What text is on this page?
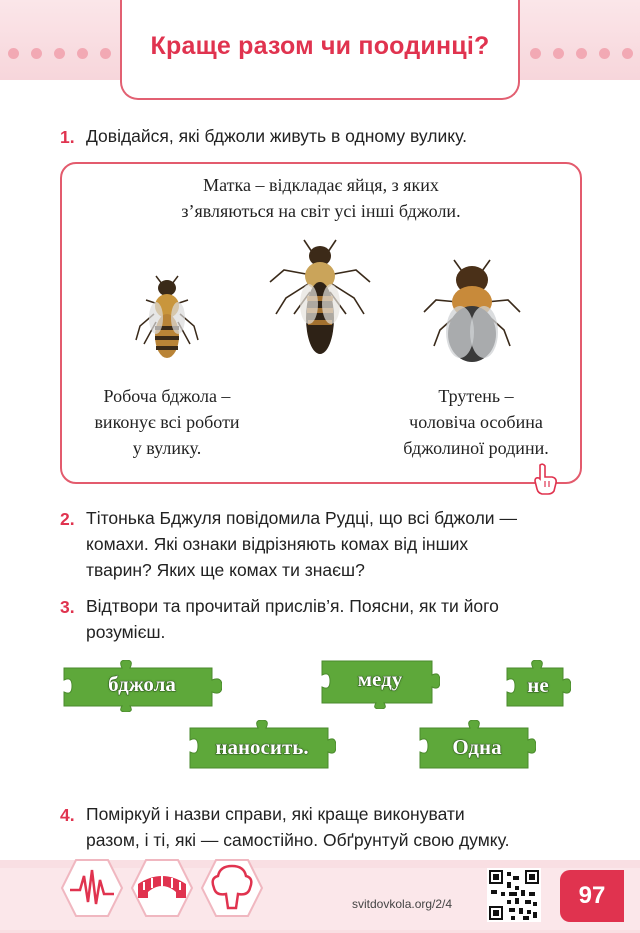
Краще разом чи поодинці?
1. Довідайся, які бджоли живуть в одному вулику.
Матка – відкладає яйця, з яких
з’являються на світ усі інші бджоли.
Робоча бджола –
виконує всі роботи
у вулику.
Трутень –
чоловіча особина
бджолиної родини.
2. Тітонька Бджуля повідомила Рудці, що всі бджоли —
комахи. Які ознаки відрізняють комах від інших
тварин? Яких ще комах ти знаєш?
3. Відтвори та прочитай прислів’я. Поясни, як ти його
розумієш.
бджола	меду	не
наносить.	Одна
4. Поміркуй і назви справи, які краще виконувати
разом, і ті, які — самостійно. Обґрунтуй свою думку.
svitdovkola.org/2/4	97
